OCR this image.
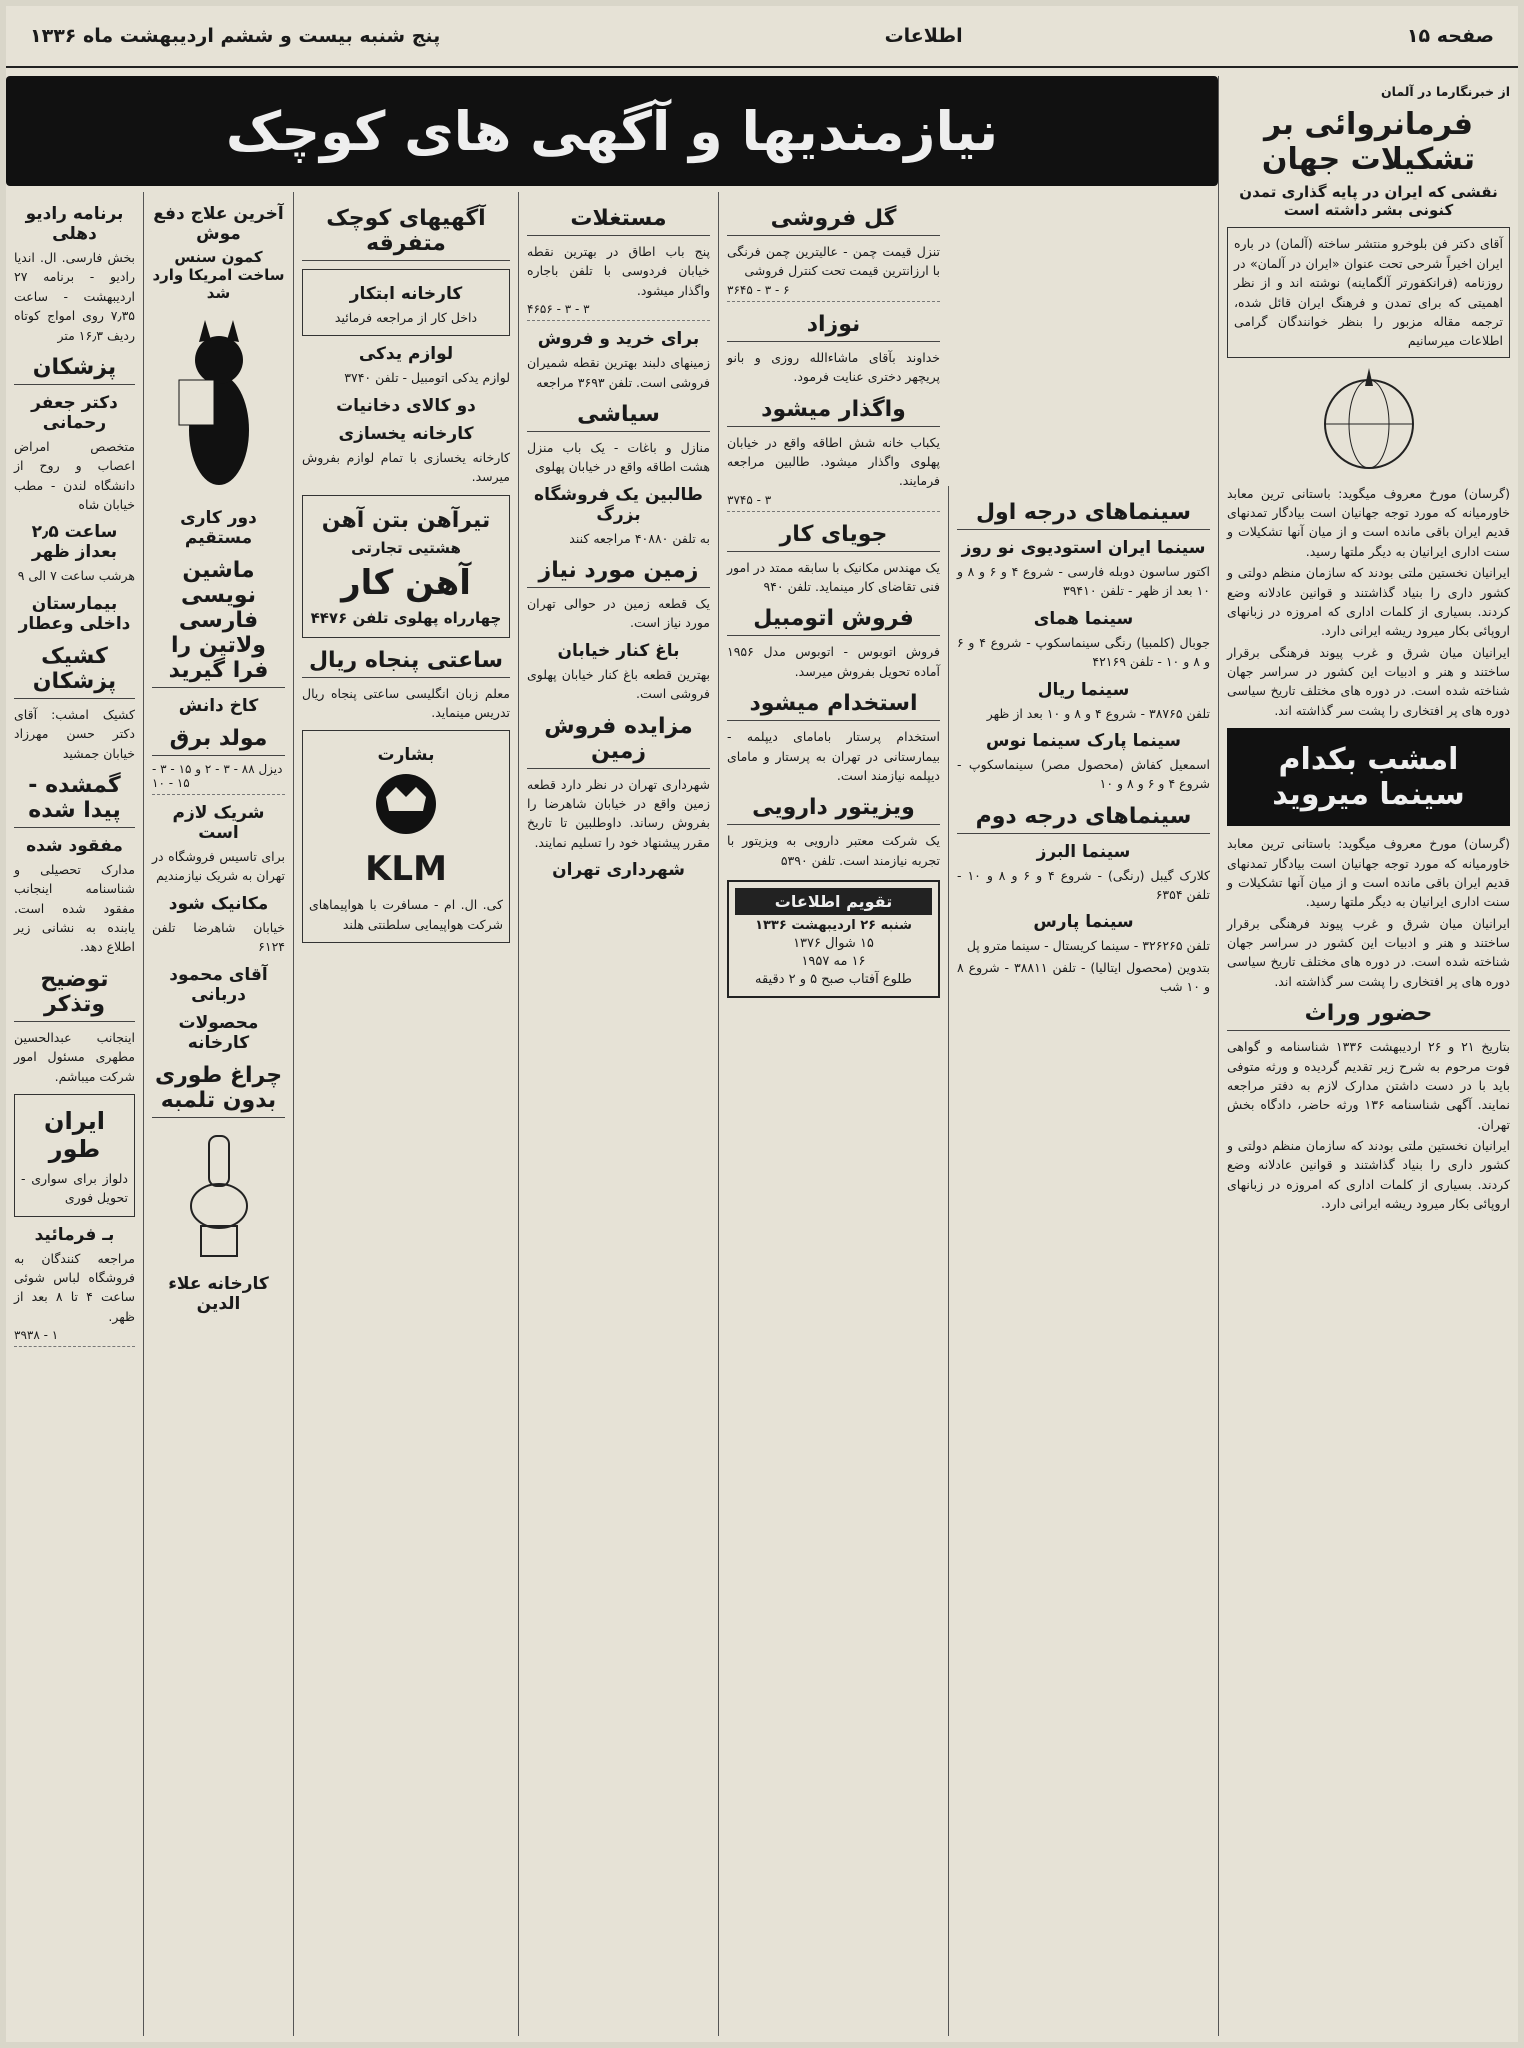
صفحه ۱۵
اطلاعات
پنج شنبه بیست و ششم اردیبهشت ماه ۱۳۳۶
نیازمندیها و آگهی های کوچک
از خبرنگارما در آلمان
فرمانروائی بر تشکیلات جهان
نقشی که ایران در پایه گذاری تمدن کنونی بشر داشته است
آقای دکتر فن بلوخرو منتشر ساخته (آلمان) در باره ایران اخیراً شرحی تحت عنوان «ایران در آلمان» در روزنامه (فرانکفورتر آلگماینه) نوشته اند و از نظر اهمیتی که برای تمدن و فرهنگ ایران قائل شده، ترجمه مقاله مزبور را بنظر خوانندگان گرامی اطلاعات میرسانیم

(گرسان) مورخ معروف میگوید: باستانی ترین معابد خاورمیانه که مورد توجه جهانیان است بیادگار تمدنهای قدیم ایران باقی مانده است و از میان آنها تشکیلات و سنت اداری ایرانیان به دیگر ملتها رسید.

ایرانیان نخستین ملتی بودند که سازمان منظم دولتی و کشور داری را بنیاد گذاشتند و قوانین عادلانه وضع کردند. بسیاری از کلمات اداری که امروزه در زبانهای اروپائی بکار میرود ریشه ایرانی دارد.

ایرانیان میان شرق و غرب پیوند فرهنگی برقرار ساختند و هنر و ادبیات این کشور در سراسر جهان شناخته شده است. در دوره های مختلف تاریخ سیاسی دوره های پر افتخاری را پشت سر گذاشته اند.

امشب بکدام سینما میروید

(گرسان) مورخ معروف میگوید: باستانی ترین معابد خاورمیانه که مورد توجه جهانیان است بیادگار تمدنهای قدیم ایران باقی مانده است و از میان آنها تشکیلات و سنت اداری ایرانیان به دیگر ملتها رسید.

ایرانیان میان شرق و غرب پیوند فرهنگی برقرار ساختند و هنر و ادبیات این کشور در سراسر جهان شناخته شده است. در دوره های مختلف تاریخ سیاسی دوره های پر افتخاری را پشت سر گذاشته اند.

حضور وراث

بتاریخ ۲۱ و ۲۶ اردیبهشت ۱۳۳۶ شناسنامه و گواهی فوت مرحوم به شرح زیر تقدیم گردیده و ورثه متوفی باید با در دست داشتن مدارک لازم به دفتر مراجعه نمایند. آگهی شناسنامه ۱۳۶ ورثه حاضر، دادگاه بخش تهران.

ایرانیان نخستین ملتی بودند که سازمان منظم دولتی و کشور داری را بنیاد گذاشتند و قوانین عادلانه وضع کردند. بسیاری از کلمات اداری که امروزه در زبانهای اروپائی بکار میرود ریشه ایرانی دارد.

سینماهای درجه اول
سینما ایران استودیوی نو روز
اکتور ساسون دوبله فارسی - شروع ۴ و ۶ و ۸ و ۱۰ بعد از ظهر - تلفن ۳۹۴۱۰
سینما همای
جوبال (کلمبیا) رنگی سینماسکوپ - شروع ۴ و ۶ و ۸ و ۱۰ - تلفن ۴۲۱۶۹
سینما ریال
تلفن ۳۸۷۶۵ - شروع ۴ و ۸ و ۱۰ بعد از ظهر
سینما پارک سینما نوس
اسمعیل کفاش (محصول مصر) سینماسکوپ - شروع ۴ و ۶ و ۸ و ۱۰
سینماهای درجه دوم
سینما البرز
کلارک گیبل (رنگی) - شروع ۴ و ۶ و ۸ و ۱۰ - تلفن ۶۳۵۴
سینما پارس
تلفن ۳۲۶۲۶۵ - سینما کریستال - سینما مترو پل
بتدوین (محصول ایتالیا) - تلفن ۳۸۸۱۱ - شروع ۸ و ۱۰ شب
گل فروشی
تنزل قیمت چمن - عالیترین چمن فرنگی با ارزانترین قیمت تحت کنترل فروشی
۳۶۴۵ - ۳ - ۶
نوزاد
خداوند بآقای ماشاءالله روزی و بانو پریچهر دختری عنایت فرمود.
واگذار میشود
یکباب خانه شش اطاقه واقع در خیابان پهلوی واگذار میشود. طالبین مراجعه فرمایند.
۳۷۴۵ - ۳
جویای کار
یک مهندس مکانیک با سابقه ممتد در امور فنی تقاضای کار مینماید. تلفن ۹۴۰
فروش اتومبیل
فروش اتوبوس - اتوبوس مدل ۱۹۵۶ آماده تحویل بفروش میرسد.
استخدام میشود
استخدام پرستار بامامای دیپلمه - بیمارستانی در تهران به پرستار و مامای دیپلمه نیازمند است.
ویزیتور دارویی
یک شرکت معتبر دارویی به ویزیتور با تجربه نیازمند است. تلفن ۵۳۹۰
تقویم اطلاعات
شنبه ۲۶ اردیبهشت ۱۳۳۶
۱۵ شوال ۱۳۷۶
۱۶ مه ۱۹۵۷
طلوع آفتاب صبح ۵ و ۲ دقیقه
مستغلات
پنج باب اطاق در بهترین نقطه خیابان فردوسی با تلفن باجاره واگذار میشود.
۴۶۵۶ - ۳ - ۳
برای خرید و فروش
زمینهای دلبند بهترین نقطه شمیران فروشی است. تلفن ۳۶۹۳ مراجعه
سیاشی
منازل و باغات - یک باب منزل هشت اطاقه واقع در خیابان پهلوی
طالبین یک فروشگاه بزرگ
به تلفن ۴۰۸۸۰ مراجعه کنند
زمین مورد نیاز
یک قطعه زمین در حوالی تهران مورد نیاز است.
باغ کنار خیابان
بهترین قطعه باغ کنار خیابان پهلوی فروشی است.
مزایده فروش زمین
شهرداری تهران در نظر دارد قطعه زمین واقع در خیابان شاهرضا را بفروش رساند. داوطلبین تا تاریخ مقرر پیشنهاد خود را تسلیم نمایند.
شهرداری تهران
آگهیهای کوچک متفرقه
کارخانه ابتکار
داخل کار از مراجعه فرمائید
لوازم یدکی
لوازم یدکی اتومبیل - تلفن ۳۷۴۰
دو کالای دخانیات
کارخانه یخسازی
کارخانه یخسازی با تمام لوازم بفروش میرسد.
تیرآهن بتن آهن
هشتیی تجارتی
آهن کار
چهارراه پهلوی تلفن ۴۴۷۶
ساعتی پنجاه ریال
معلم زبان انگلیسی ساعتی پنجاه ریال تدریس مینماید.
بشارت
KLM
کی. ال. ام - مسافرت با هواپیماهای شرکت هواپیمایی سلطنتی هلند
آخرین علاج دفع موش
کمون سنس ساخت امریکا وارد شد
دور کاری مستقیم
ماشین نویسی فارسی ولاتین را فرا گیرید
کاخ دانش
مولد برق
دیزل ۸۸ - ۳ - ۲ و ۱۵ - ۳ - ۱۵ - ۱۰
شریک لازم است
برای تاسیس فروشگاه در تهران به شریک نیازمندیم
مکانیک شود
خیابان شاهرضا تلفن ۶۱۲۴
آقای محمود دربانی
محصولات کارخانه
چراغ طوری بدون تلمبه
کارخانه علاء الدین
برنامه رادیو دهلی
بخش فارسی. ال. انديا راديو - برنامه ۲۷ اردیبهشت - ساعت ۷٫۳۵ روی امواج کوتاه ردیف ۱۶٫۳ متر
پزشکان
دکتر جعفر رحمانی
متخصص امراض اعصاب و روح از دانشگاه لندن - مطب خیابان شاه
ساعت ۲٫۵ بعداز ظهر
هرشب ساعت ۷ الی ۹
بیمارستان داخلی وعطار
کشیک پزشکان
کشیک امشب: آقای دکتر حسن مهرزاد خیابان جمشید
گمشده - پیدا شده
مفقود شده
مدارک تحصیلی و شناسنامه اینجانب مفقود شده است. یابنده به نشانی زیر اطلاع دهد.
توضیح وتذکر
اینجانب عبدالحسین مطهری مسئول امور شرکت میباشم.
ایران طور
دلواز برای سواری - تحویل فوری
بـ فرمائید
مراجعه کنندگان به فروشگاه لباس شوئی ساعت ۴ تا ۸ بعد از ظهر.
۳۹۳۸ - ۱
